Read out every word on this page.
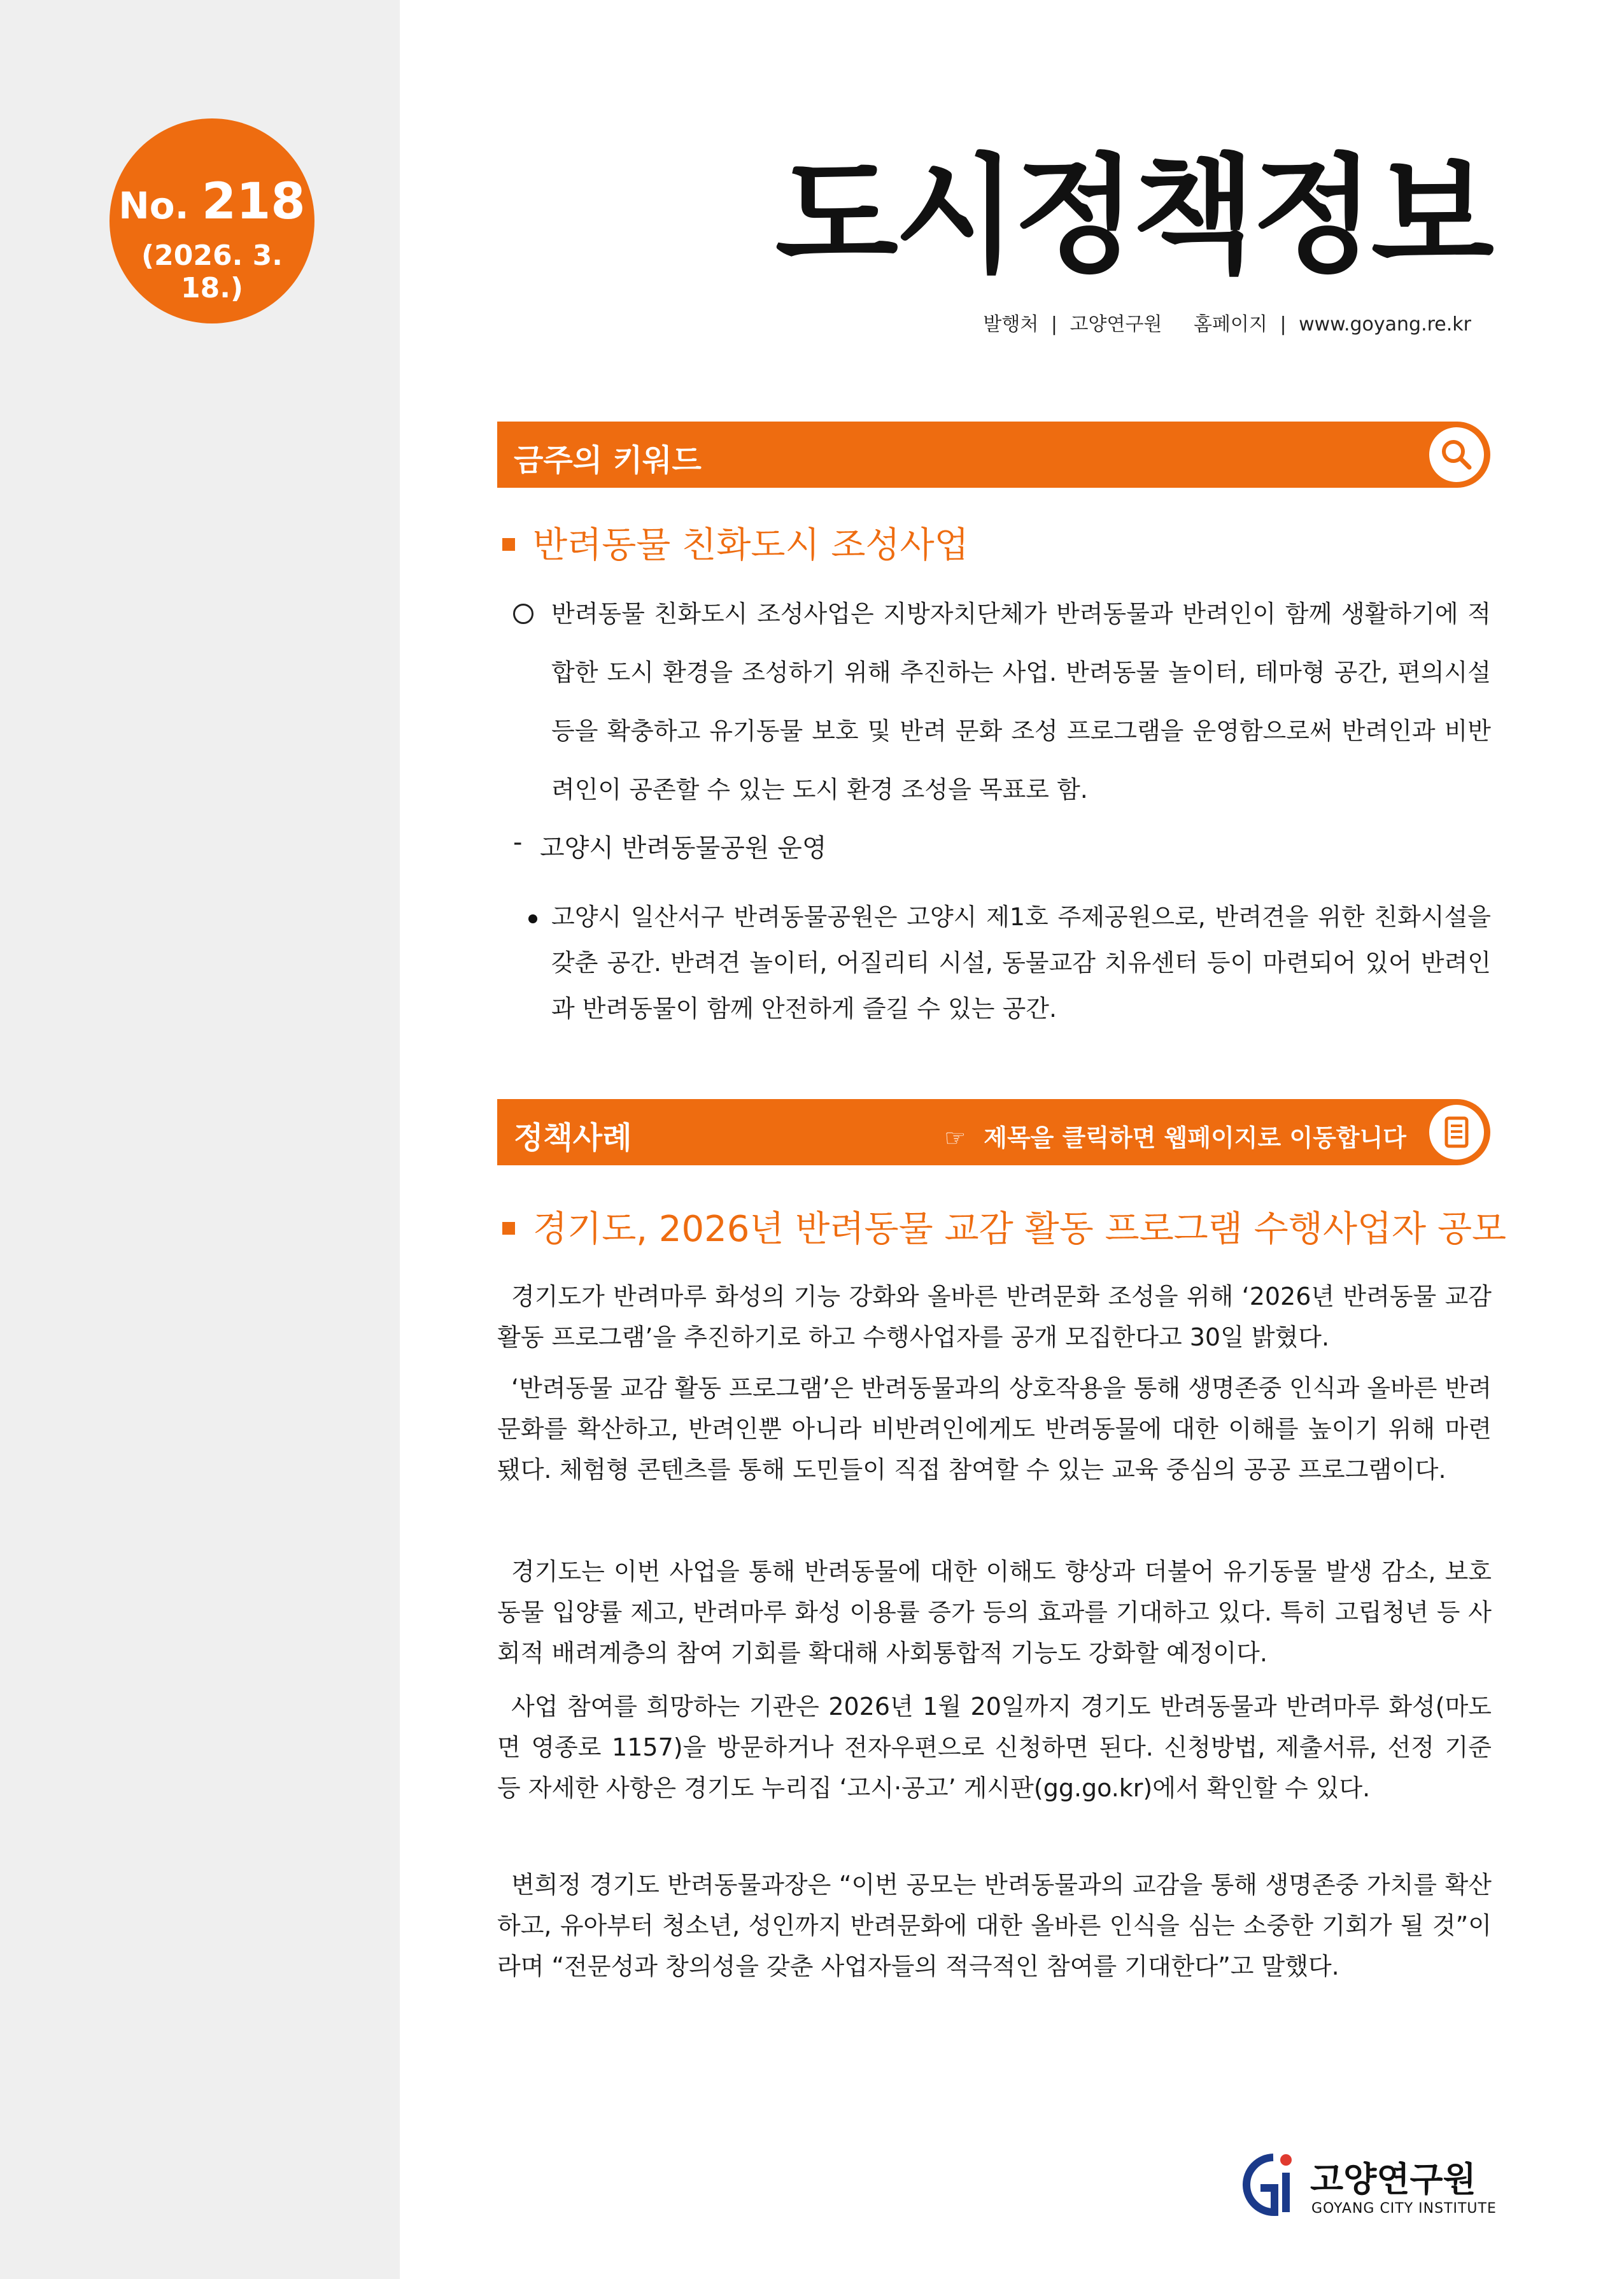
No. 218
(2026. 3. 18.)	도시정책정보
발행처 | 고양연구원 홈페이지 | www.goyang.re.kr
금주의 키워드
반려동물 친화도시 조성사업
반려동물 친화도시 조성사업은 지방자치단체가 반려동물과 반려인이 함께 생활하기에 적합한 도시 환경을 조성하기 위해 추진하는 사업. 반려동물 놀이터, 테마형 공간, 편의시설 등을 확충하고 유기동물 보호 및 반려 문화 조성 프로그램을 운영함으로써 반려인과 비반려인이 공존할 수 있는 도시 환경 조성을 목표로 함.
- 고양시 반려동물공원 운영
고양시 일산서구 반려동물공원은 고양시 제1호 주제공원으로, 반려견을 위한 친화시설을 갖춘 공간. 반려견 놀이터, 어질리티 시설, 동물교감 치유센터 등이 마련되어 있어 반려인과 반려동물이 함께 안전하게 즐길 수 있는 공간.
정책사례	☞ 제목을 클릭하면 웹페이지로 이동합니다
경기도, 2026년 반려동물 교감 활동 프로그램 수행사업자 공모
경기도가 반려마루 화성의 기능 강화와 올바른 반려문화 조성을 위해 ‘2026년 반려동물 교감 활동 프로그램’을 추진하기로 하고 수행사업자를 공개 모집한다고 30일 밝혔다.
‘반려동물 교감 활동 프로그램’은 반려동물과의 상호작용을 통해 생명존중 인식과 올바른 반려문화를 확산하고, 반려인뿐 아니라 비반려인에게도 반려동물에 대한 이해를 높이기 위해 마련됐다. 체험형 콘텐츠를 통해 도민들이 직접 참여할 수 있는 교육 중심의 공공 프로그램이다.
경기도는 이번 사업을 통해 반려동물에 대한 이해도 향상과 더불어 유기동물 발생 감소, 보호동물 입양률 제고, 반려마루 화성 이용률 증가 등의 효과를 기대하고 있다. 특히 고립청년 등 사회적 배려계층의 참여 기회를 확대해 사회통합적 기능도 강화할 예정이다.
사업 참여를 희망하는 기관은 2026년 1월 20일까지 경기도 반려동물과 반려마루 화성(마도면 영종로 1157)을 방문하거나 전자우편으로 신청하면 된다. 신청방법, 제출서류, 선정 기준 등 자세한 사항은 경기도 누리집 ‘고시·공고’ 게시판(gg.go.kr)에서 확인할 수 있다.
변희정 경기도 반려동물과장은 “이번 공모는 반려동물과의 교감을 통해 생명존중 가치를 확산하고, 유아부터 청소년, 성인까지 반려문화에 대한 올바른 인식을 심는 소중한 기회가 될 것”이라며 “전문성과 창의성을 갖춘 사업자들의 적극적인 참여를 기대한다”고 말했다.
고양연구원
GOYANG CITY INSTITUTE
